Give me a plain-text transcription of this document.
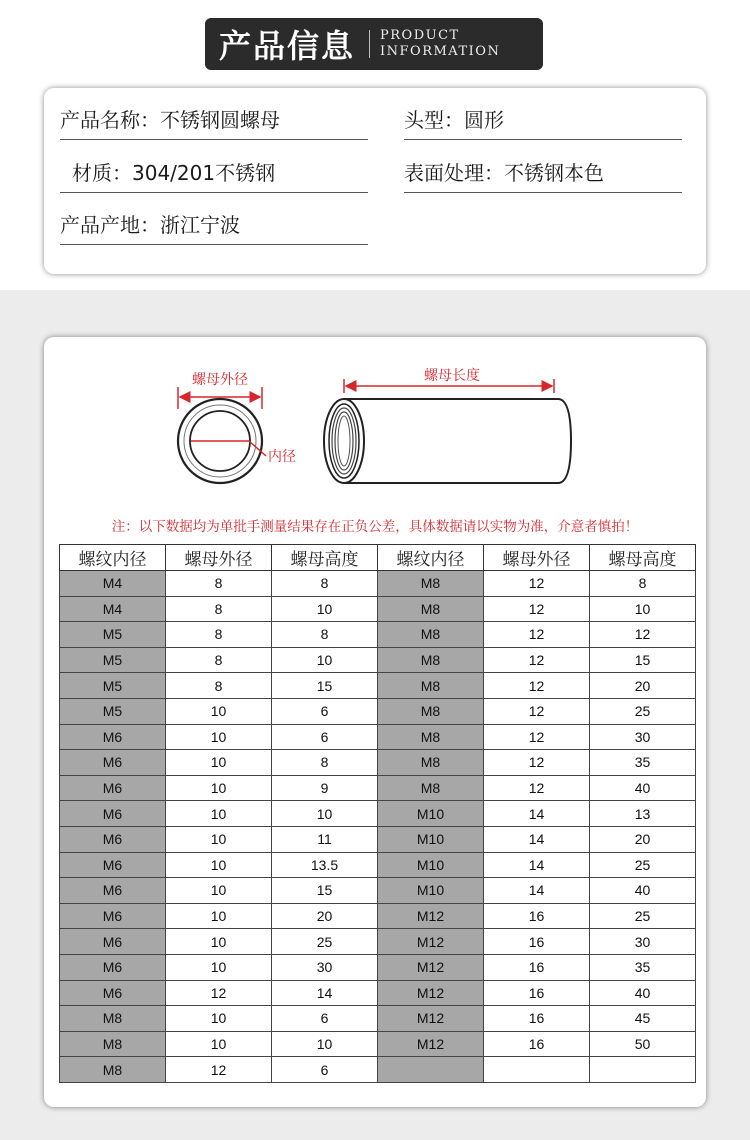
产品信息 PRODUCT
INFORMATION
产品名称：不锈钢圆螺母	头型：圆形
材质：304/201不锈钢	表面处理：不锈钢本色
产品产地：浙江宁波
螺母外径
内径
螺母长度
注：以下数据均为单批手测量结果存在正负公差，具体数据请以实物为准，介意者慎拍！
螺纹内径	螺母外径	螺母高度	螺纹内径	螺母外径	螺母高度
M4	8	8	M8	12	8
M4	8	10	M8	12	10
M5	8	8	M8	12	12
M5	8	10	M8	12	15
M5	8	15	M8	12	20
M5	10	6	M8	12	25
M6	10	6	M8	12	30
M6	10	8	M8	12	35
M6	10	9	M8	12	40
M6	10	10	M10	14	13
M6	10	11	M10	14	20
M6	10	13.5	M10	14	25
M6	10	15	M10	14	40
M6	10	20	M12	16	25
M6	10	25	M12	16	30
M6	10	30	M12	16	35
M6	12	14	M12	16	40
M8	10	6	M12	16	45
M8	10	10	M12	16	50
M8	12	6			
